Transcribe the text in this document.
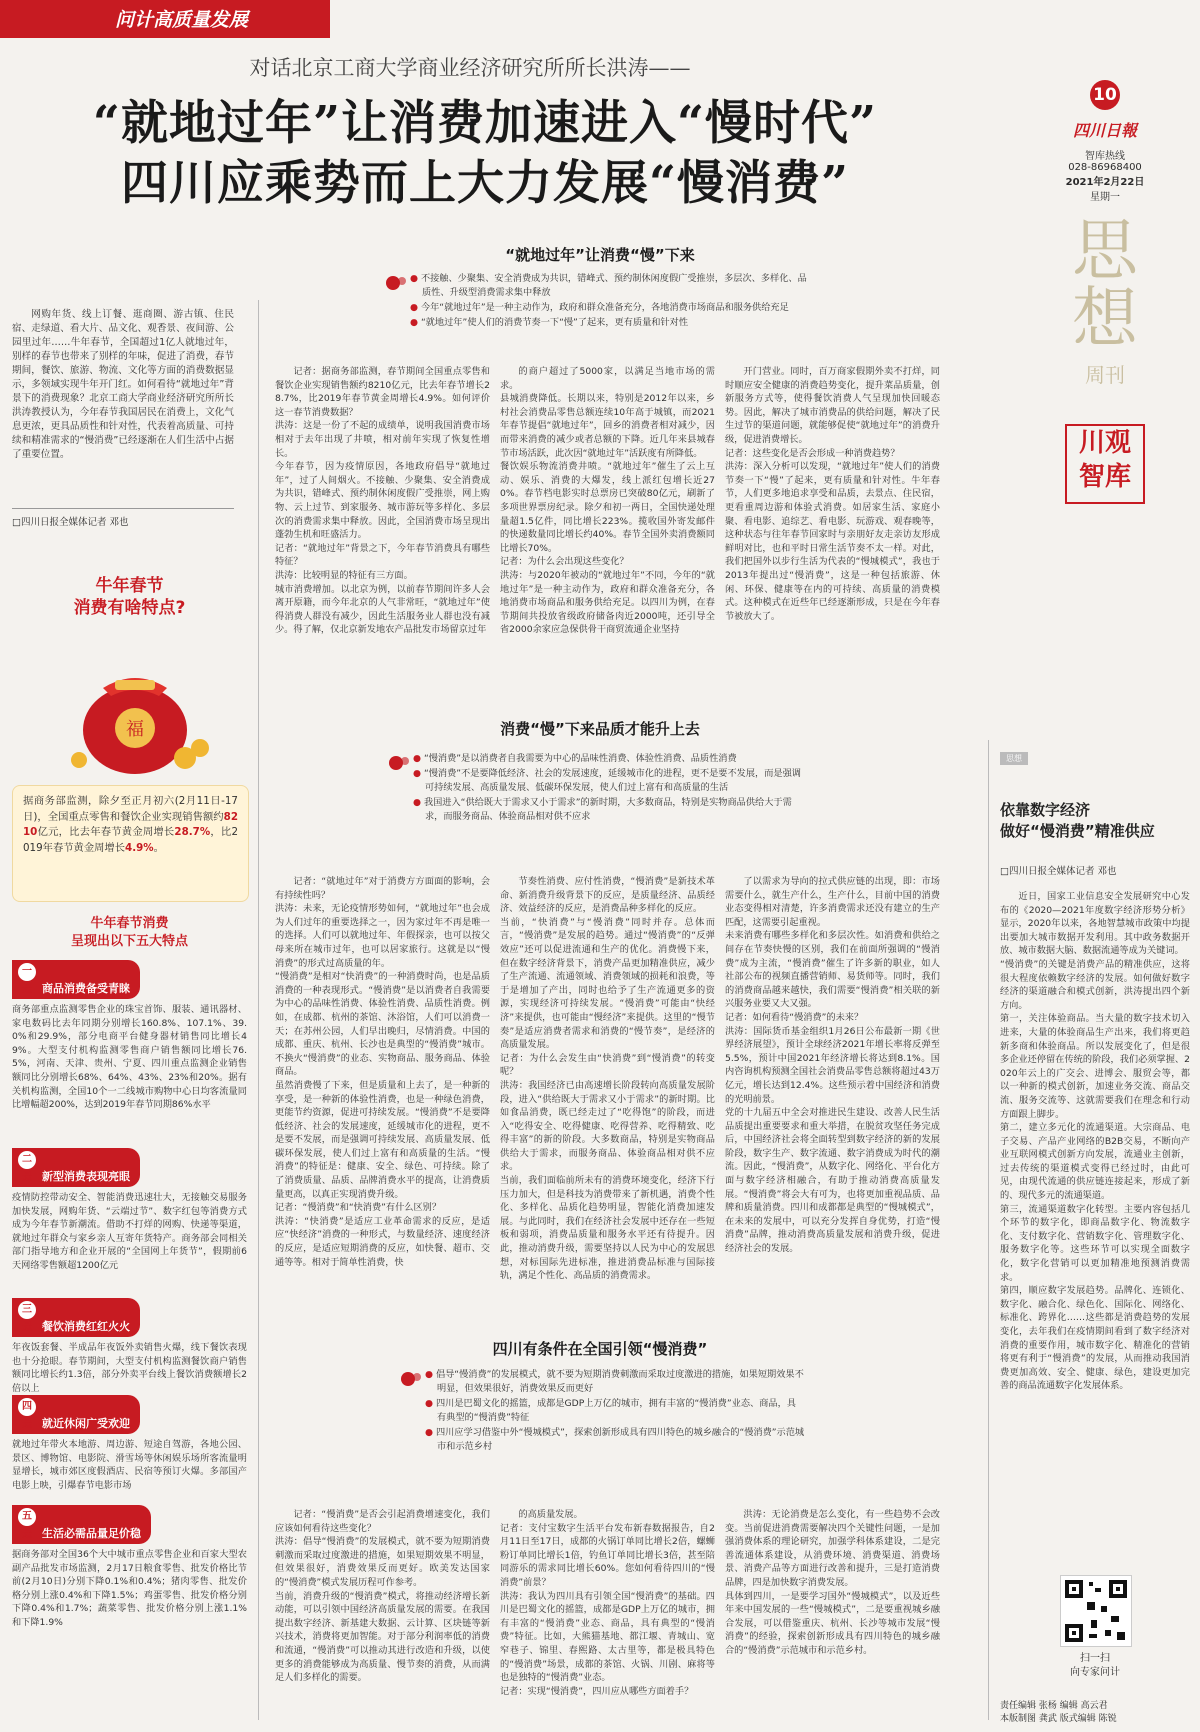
问计高质量发展
对话北京工商大学商业经济研究所所长洪涛——
“就地过年”让消费加速进入“慢时代”
四川应乘势而上大力发展“慢消费”
10
四川日報
智库热线
028-86968400
2021年2月22日
星期一
思
想
周刊
川观
智库

网购年货、线上订餐、逛商圈、游古镇、住民宿、走绿道、看大片、品文化、观香景、夜间游、公园里过年……牛年春节，全国超过1亿人就地过年，别样的春节也带来了别样的年味，促进了消费，春节期间，餐饮、旅游、物流、文化等方面的消费数据显示，多领域实现牛年开门红。如何看待“就地过年”背景下的消费现象？北京工商大学商业经济研究所所长洪涛教授认为，今年春节我国居民在消费上，文化气息更浓，更具品质性和针对性，代表着高质量、可持续和精准需求的“慢消费”已经逐渐在人们生活中占据了重要位置。

□四川日报全媒体记者 邓也
牛年春节
消费有啥特点?
福
据商务部监测，除夕至正月初六(2月11日-17日)，全国重点零售和餐饮企业实现销售额约8210亿元，比去年春节黄金周增长28.7%，比2019年春节黄金周增长4.9%。
牛年春节消费
呈现出以下五大特点
一是 商品消费备受青睐
商务部重点监测零售企业的珠宝首饰、服装、通讯器材、家电数码比去年同期分别增长160.8%、107.1%、39.0%和29.9%，部分电商平台健身器材销售同比增长49%。大型支付机构监测零售商户销售额同比增长76.5%，河南、天津、贵州、宁夏、四川重点监测企业销售额同比分别增长68%、64%、43%、23%和20%。据有关机构监测，全国10个一二线城市购物中心日均客流量同比增幅超200%，达到2019年春节同期86%水平
二是 新型消费表现亮眼
疫情防控带动安全、智能消费迅速壮大，无接触交易服务加快发展，网购年货、“云端过节”、数字红包等消费方式成为今年春节新潮流。借助不打烊的网购、快递等渠道，就地过年群众与家乡亲人互寄年货特产。商务部会同相关部门指导地方和企业开展的“全国网上年货节”，假期前6天网络零售额超1200亿元
三是 餐饮消费红红火火
年夜饭套餐、半成品年夜饭外卖销售火爆，线下餐饮表现也十分抢眼。春节期间，大型支付机构监测餐饮商户销售额同比增长约1.3倍，部分外卖平台线上餐饮消费额增长2倍以上
四是 就近休闲广受欢迎
就地过年带火本地游、周边游、短途自驾游，各地公园、景区、博物馆、电影院、滑雪场等休闲娱乐场所客流量明显增长，城市郊区度假酒店、民宿等预订火爆。多部国产电影上映，引爆春节电影市场
五是 生活必需品量足价稳
据商务部对全国36个大中城市重点零售企业和百家大型农副产品批发市场监测，2月17日粮食零售、批发价格比节前(2月10日)分别下降0.1%和0.4%；猪肉零售、批发价格分别上涨0.4%和下降1.5%；鸡蛋零售、批发价格分别下降0.4%和1.7%；蔬菜零售、批发价格分别上涨1.1%和下降1.9%
“就地过年”让消费“慢”下来
● 不接触、少聚集、安全消费成为共识，错峰式、预约制休闲度假广受推崇，多层次、多样化、品质性、升级型消费需求集中释放
● 今年“就地过年”是一种主动作为，政府和群众准备充分，各地消费市场商品和服务供给充足
● “就地过年”使人们的消费节奏一下“慢”了起来，更有质量和针对性

记者：据商务部监测，春节期间全国重点零售和餐饮企业实现销售额约8210亿元，比去年春节增长28.7%，比2019年春节黄金周增长4.9%。如何评价这一春节消费数据？
洪涛：这是一份了不起的成绩单，说明我国消费市场相对于去年出现了井喷，相对前年实现了恢复性增长。
今年春节，因为疫情原因，各地政府倡导“就地过年”，过了人间烟火。不接触、少聚集、安全消费成为共识，错峰式、预约制休闲度假广受推崇，网上购物、云上过节、到家服务、城市游玩等多样化、多层次的消费需求集中释放。因此，全国消费市场呈现出蓬勃生机和旺盛活力。
记者：“就地过年”背景之下，今年春节消费具有哪些特征？
洪涛：比较明显的特征有三方面。
城市消费增加。以北京为例，以前春节期间许多人会离开原籍，而今年北京的人气非常旺，“就地过年”使得消费人群没有减少，因此生活服务业人群也没有减少。得了解，仅北京新发地农产品批发市场留京过年

的商户超过了5000家，以满足当地市场的需求。
县城消费降低。长期以来，特别是2012年以来，乡村社会消费品零售总额连续10年高于城镇，而2021年春节提倡“就地过年”，回乡的消费者相对减少，因而带来消费的减少或者总额的下降。近几年来县城春节市场活跃，此次因“就地过年”活跃度有所降低。
餐饮娱乐物流消费井喷。“就地过年”催生了云上互动、娱乐、消费的大爆发，线上派红包增长近270%。春节档电影实时总票房已突破80亿元，刷新了多项世界票房纪录。除夕和初一两日，全国快递处理量超1.5亿件，同比增长223%。揽收国外寄发邮件的快递数量同比增长约40%。春节全国外卖消费额同比增长70%。
记者：为什么会出现这些变化？
洪涛：与2020年被动的“就地过年”不同，今年的“就地过年”是一种主动作为，政府和群众准备充分，各地消费市场商品和服务供给充足。以四川为例，在春节期间共投放省级政府储备肉近2000吨，还引导全省2000余家应急保供骨干商贸流通企业坚持

开门营业。同时，百万商家假期外卖不打烊，同时顺应安全健康的消费趋势变化，提升菜品质量，创新服务方式等，使得餐饮消费人气呈现加快回暖态势。因此，解决了城市消费品的供给问题，解决了民生过节的渠道问题，就能够促使“就地过年”的消费升级，促进消费增长。
记者：这些变化是否会形成一种消费趋势？
洪涛：深入分析可以发现，“就地过年”使人们的消费节奏一下“慢”了起来，更有质量和针对性。牛年春节，人们更多地追求享受和品质，去景点、住民宿，更看重周边游和体验式消费。如居家生活、家庭小聚、看电影、追综艺、看电影、玩游戏、观春晚等，这种状态与往年春节回家时与亲朋好友走亲访友形成鲜明对比，也和平时日常生活节奏不太一样。对此，我们把国外以步行生活为代表的“慢城模式”，我也于2013年提出过“慢消费”，这是一种包括旅游、休闲、环保、健康等在内的可持续、高质量的消费模式。这种模式在近些年已经逐渐形成，只是在今年春节被放大了。

消费“慢”下来品质才能升上去
● “慢消费”是以消费者自我需要为中心的品味性消费、体验性消费、品质性消费
● “慢消费”不是要降低经济、社会的发展速度，延缓城市化的进程，更不是要不发展，而是强调可持续发展、高质量发展、低碳环保发展，使人们过上富有和高质量的生活
● 我国进入“供给既大于需求又小于需求”的新时期，大多数商品，特别是实物商品供给大于需求，而服务商品、体验商品相对供不应求

记者：“就地过年”对于消费方方面面的影响，会有持续性吗？
洪涛：未来，无论疫情形势如何，“就地过年”也会成为人们过年的重要选择之一，因为家过年不再是唯一的选择。人们可以就地过年、年假探亲，也可以按父母来所在城市过年，也可以居家旅行。这就是以“慢消费”的形式过高质量的年。
“慢消费”是相对“快消费”的一种消费时尚，也是品质消费的一种表现形式。“慢消费”是以消费者自我需要为中心的品味性消费、体验性消费、品质性消费。例如，在成都、杭州的茶馆、沐浴馆，人们可以消费一天；在苏州公园，人们早出晚归，尽情消费。中国的成都、重庆、杭州、长沙也是典型的“慢消费”城市。不换火“慢消费”的业态、实物商品、服务商品、体验商品。
虽然消费慢了下来，但是质量和上去了，是一种新的享受，是一种新的体验性消费，也是一种绿色消费，更能节约资源，促进可持续发展。“慢消费”不是要降低经济、社会的发展速度，延缓城市化的进程，更不是要不发展，而是强调可持续发展、高质量发展、低碳环保发展，使人们过上富有和高质量的生活。“慢消费”的特征是：健康、安全、绿色、可持续。除了了消费质量、品质、品牌消费水平的提高，让消费质量更高，以真正实现消费升级。
记者：“慢消费”和“快消费”有什么区别？
洪涛：“快消费”是适应工业革命需求的反应，是适应“快经济”消费的一种形式，与数量经济、速度经济的反应，是适应短期消费的反应，如快餐、超市、交通等等。相对于简单性消费，快

节奏性消费、应付性消费，“慢消费”是新技术革命、新消费升级背景下的反应，是质量经济、品质经济、效益经济的反应，是消费品种多样化的反应。
当前，“快消费”与“慢消费”同时并存。总体而言，“慢消费”是发展的趋势。通过“慢消费”的“反弹效应”还可以促进流通和生产的优化。消费慢下来，但在数字经济背景下，消费产品更加精准供应，减少了生产流通、流通领域、消费领域的损耗和浪费，等于是增加了产出，同时也给予了生产流通更多的资源，实现经济可持续发展。“慢消费”可能由“快经济”来提供，也可能由“慢经济”来提供。这里的“慢节奏”是适应消费者需求和消费的“慢节奏”，是经济的高质量发展。
记者：为什么会发生由“快消费”到“慢消费”的转变呢？
洪涛：我国经济已由高速增长阶段转向高质量发展阶段，进入“供给既大于需求又小于需求”的新时期。比如食品消费，既已经走过了“吃得饱”的阶段，而进入“吃得安全、吃得健康、吃得营养、吃得精致、吃得丰富”的新的阶段。大多数商品，特别是实物商品供给大于需求，而服务商品、体验商品相对供不应求。
当前，我们面临前所未有的消费环境变化，经济下行压力加大，但是科技为消费带来了新机遇，消费个性化、多样化、品质化趋势明显，智能化消费加速发展。与此同时，我们在经济社会发展中还存在一些短板和弱项，消费品质量和服务水平还有待提升。因此，推动消费升级，需要坚持以人民为中心的发展思想，对标国际先进标准，推进消费品标准与国际接轨，满足个性化、高品质的消费需求。

了以需求为导向的拉式供应链的出现，即：市场需要什么，就生产什么，生产什么，目前中国的消费业态变得相对清楚，许多消费需求还没有建立的生产匹配，这需要引起重视。
未来消费有哪些多样化和多层次性。如消费和供给之间存在节奏快慢的区别，我们在前面所强调的“慢消费”成为主流，“慢消费”催生了许多新的职业，如人社部公布的视频直播营销师、易货师等。同时，我们的消费商品越来越快，我们需要“慢消费”相关联的新兴服务业要又大又强。
记者：如何看待“慢消费”的未来？
洪涛：国际货币基金组织1月26日公布最新一期《世界经济展望》，预计全球经济2021年增长率将反弹至5.5%，预计中国2021年经济增长将达到8.1%。国内咨询机构预测全国社会消费品零售总额将超过43万亿元，增长达到12.4%。这些预示着中国经济和消费的光明前景。
党的十九届五中全会对推进民生建设、改善人民生活品质提出重要要求和重大举措，在脱贫攻坚任务完成后，中国经济社会将全面转型到数字经济的新的发展阶段，数字生产、数字流通、数字消费成为时代的潮流。因此，“慢消费”，从数字化、网络化、平台化方面与数字经济相融合，有助于推动消费高质量发展。“慢消费”将会大有可为，也将更加重视品质、品牌和质量消费。四川和成都都是典型的“慢城模式”，在未来的发展中，可以充分发挥自身优势，打造“慢消费”品牌，推动消费高质量发展和消费升级，促进经济社会的发展。

四川有条件在全国引领“慢消费”
● 倡导“慢消费”的发展模式，就不要为短期消费刺激而采取过度激进的措施，如果短期效果不明显，但效果很好，消费效果反而更好
● 四川是巴蜀文化的摇篮，成都是GDP上万亿的城市，拥有丰富的“慢消费”业态、商品，具有典型的“慢消费”特征
● 四川应学习借鉴中外“慢城模式”，探索创新形成具有四川特色的城乡融合的“慢消费”示范城市和示范乡村

记者：“慢消费”是否会引起消费增速变化，我们应该如何看待这些变化？
洪涛：倡导“慢消费”的发展模式，就不要为短期消费刺激而采取过度激进的措施，如果短期效果不明显，但效果很好，消费效果反而更好。欧美发达国家的“慢消费”模式发展历程可作参考。
当前，消费升级的“慢消费”模式，将推动经济增长新动能，可以引领中国经济高质量发展的需要。在我国提出数字经济、新基建大数据、云计算、区块链等新兴技术，消费将更加智能。对于部分利润率低的消费和流通，“慢消费”可以推动其进行改造和升级，以使更多的消费能够成为高质量、慢节奏的消费，从而满足人们多样化的需要。

的高质量发展。
记者：支付宝数字生活平台发布新春数据报告，自2月11日至17日，成都的火锅订单同比增长2倍，螺蛳粉订单同比增长1倍，钓鱼订单同比增长3倍，甚至陪同游乐的需求同比增长60%。您如何看待四川的“慢消费”前景？
洪涛：我认为四川具有引领全国“慢消费”的基础。四川是巴蜀文化的摇篮，成都是GDP上万亿的城市，拥有丰富的“慢消费”业态、商品，具有典型的“慢消费”特征。比如，大熊猫基地、都江堰、青城山、宽窄巷子、锦里、春熙路、太古里等，都是极具特色的“慢消费”场景，成都的茶馆、火锅、川剧、麻将等也是独特的“慢消费”业态。
记者：实现“慢消费”，四川应从哪些方面着手？

洪涛：无论消费是怎么变化，有一些趋势不会改变。当前促进消费需要解决四个关键性问题，一是加强消费体系的理论研究，加强学科体系建设，二是完善流通体系建设，从消费环境、消费渠道、消费场景、消费产品等方面进行改善和提升，三是打造消费品牌，四是加快数字消费发展。
具体到四川，一是要学习国外“慢城模式”，以及近些年来中国发展的一些“慢城模式”，二是要重视城乡融合发展，可以借鉴重庆、杭州、长沙等城市发展“慢消费”的经验，探索创新形成具有四川特色的城乡融合的“慢消费”示范城市和示范乡村。

思想
依靠数字经济
做好“慢消费”精准供应
□四川日报全媒体记者 邓也

近日，国家工业信息安全发展研究中心发布的《2020—2021年度数字经济形势分析》显示，2020年以来，各地智慧城市政策中均提出要加大城市数据开发利用。其中政务数据开放、城市数据大脑、数据流通等成为关键词。
“慢消费”的关键是消费产品的精准供应，这将很大程度依赖数字经济的发展。如何做好数字经济的渠道融合和模式创新，洪涛提出四个新方向。
第一，关注体验商品。当大量的数字技术切入进来，大量的体验商品生产出来，我们将更趋新多商和体验商品。所以发展变化了，但是很多企业还停留在传统的阶段，我们必须掌握、2020年云上的广交会、进博会、服贸会等，都以一种新的模式创新，加速业务交流、商品交流、服务交流等、这就需要我们在理念和行动方面跟上脚步。
第二，建立多元化的流通渠道。大宗商品、电子交易、产品产业网络的B2B交易，不断向产业互联网模式创新方向发展，流通业主创新，过去传统的渠道模式变得已经过时，由此可见，由现代流通的供应链连接起来，形成了新的、现代多元的流通渠道。
第三，流通渠道数字化转型。主要内容包括几个环节的数字化，即商品数字化、物流数字化、支付数字化、营销数字化、管理数字化、服务数字化等。这些环节可以实现全面数字化，数字化营销可以更加精准地预测消费需求。
第四，顺应数字发展趋势。品牌化、连锁化、数字化、融合化、绿色化、国际化、网络化、标准化、跨界化……这些都是消费趋势的发展变化，去年我们在疫情期间看到了数字经济对消费的重要作用，城市数字化、精准化的营销将更有利于“慢消费”的发展，从而推动我国消费更加高效、安全、健康、绿色，建设更加完善的商品流通数字化发展体系。

扫一扫
向专家问计
责任编辑 张杨 编辑 高云君
本版制图 龚武 版式编辑 陈锐
